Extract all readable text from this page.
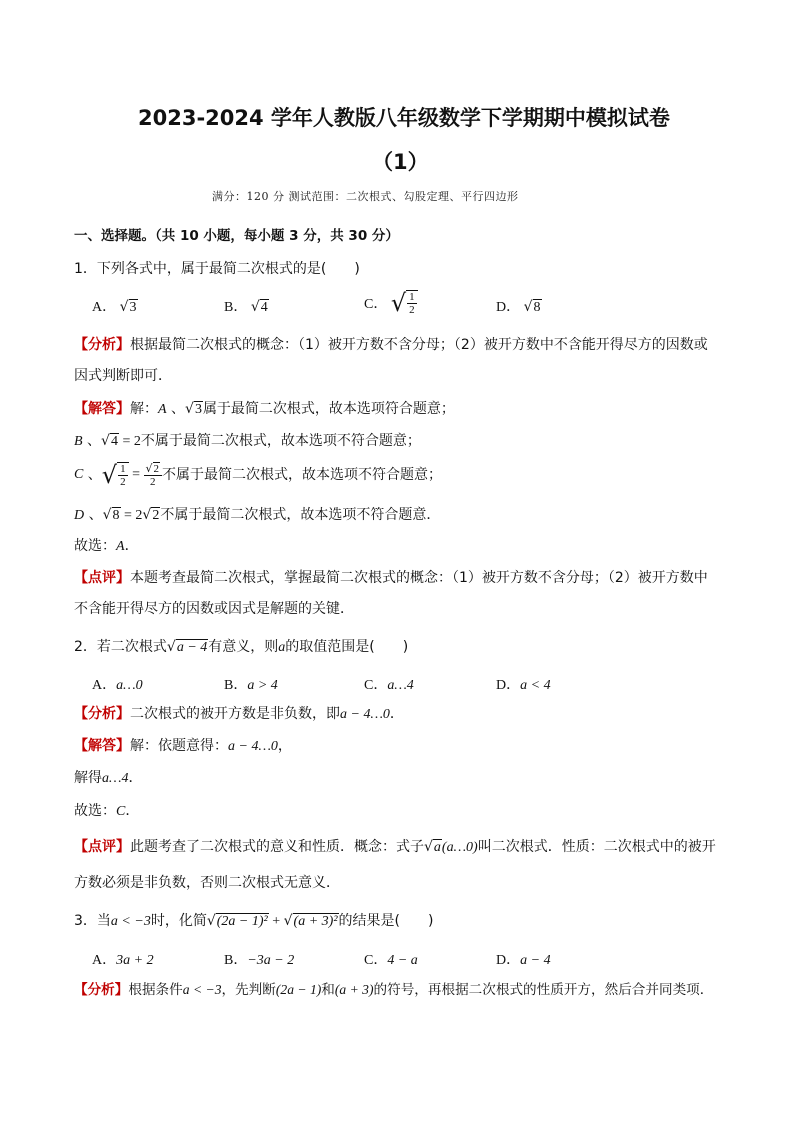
2023-2024 学年人教版八年级数学下学期期中模拟试卷
（1）
满分：120 分 测试范围：二次根式、勾股定理、平行四边形
一、选择题。（共 10 小题，每小题 3 分，共 30 分）
1．下列各式中，属于最简二次根式的是(　　)
A． √3	B． √4	C． √ $\frac{1}{2}$	D． √8
【分析】根据最简二次根式的概念：（1）被开方数不含分母；（2）被开方数中不含能开得尽方的因数或
因式判断即可．
【解答】解：A 、√3属于最简二次根式，故本选项符合题意；
B 、√4 = 2不属于最简二次根式，故本选项不符合题意；
C 、 √ $\frac{1}{2} = \frac{√2}{2}$ 不属于最简二次根式，故本选项不符合题意；
D 、√8 = 2√2不属于最简二次根式，故本选项不符合题意．
故选：A．
【点评】本题考查最简二次根式，掌握最简二次根式的概念：（1）被开方数不含分母；（2）被开方数中
不含能开得尽方的因数或因式是解题的关键．
2．若二次根式√a − 4有意义，则a的取值范围是(　　)
A．a…0	B．a > 4	C．a…4	D．a < 4
【分析】二次根式的被开方数是非负数，即a − 4…0．
【解答】解：依题意得：a − 4…0，
解得a…4．
故选：C．
【点评】此题考查了二次根式的意义和性质．概念：式子√a(a…0)叫二次根式．性质：二次根式中的被开
方数必须是非负数，否则二次根式无意义．
3．当a < −3时，化简√(2a − 1)² + √(a + 3)²的结果是(　　)
A．3a + 2	B．−3a − 2	C．4 − a	D．a − 4
【分析】根据条件a < −3，先判断(2a − 1)和(a + 3)的符号，再根据二次根式的性质开方，然后合并同类项．
